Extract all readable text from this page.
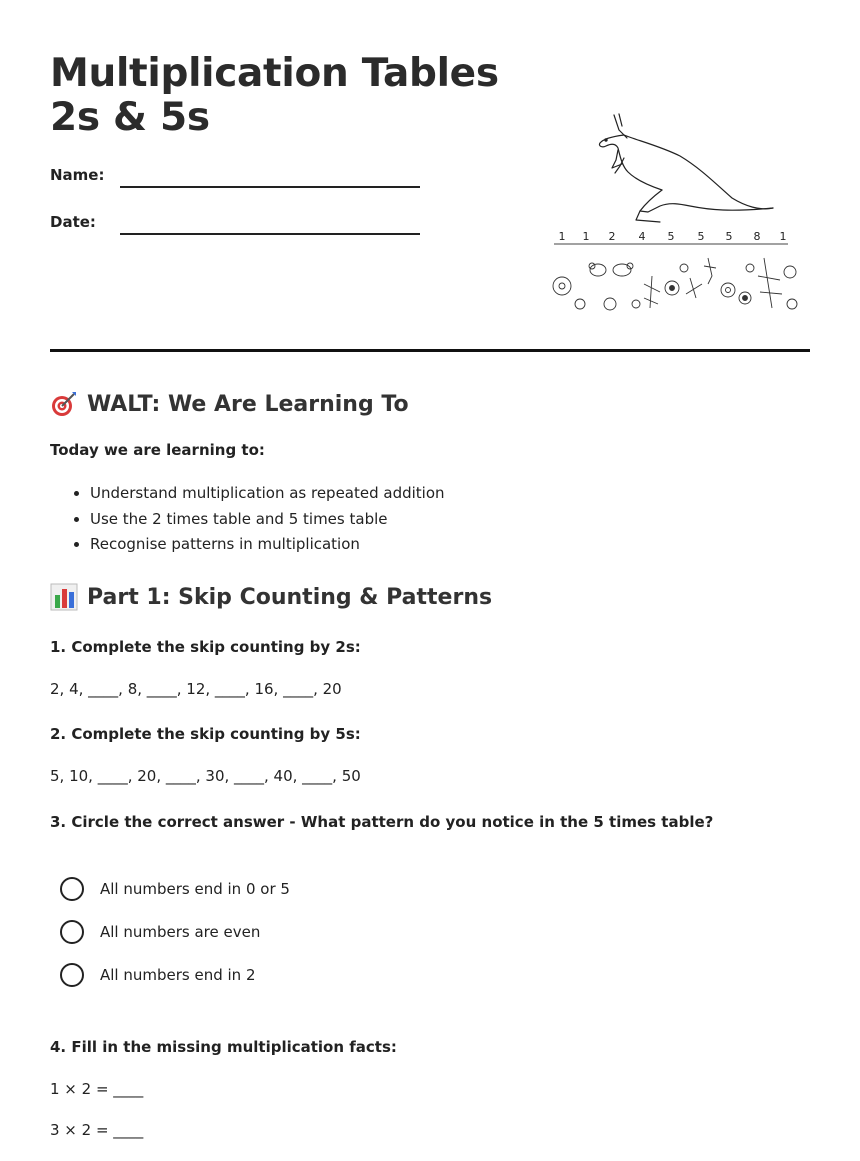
Multiplication Tables 2s & 5s
Name:
Date:
1 1 2 4 5 5 5 8 1
WALT: We Are Learning To

Today we are learning to:

• Understand multiplication as repeated addition
• Use the 2 times table and 5 times table
• Recognise patterns in multiplication
Part 1: Skip Counting & Patterns

1. Complete the skip counting by 2s:

2, 4, ____, 8, ____, 12, ____, 16, ____, 20

2. Complete the skip counting by 5s:

5, 10, ____, 20, ____, 30, ____, 40, ____, 50

3. Circle the correct answer - What pattern do you notice in the 5 times table?

All numbers end in 0 or 5
All numbers are even
All numbers end in 2

4. Fill in the missing multiplication facts:

1 × 2 = ____

3 × 2 = ____
